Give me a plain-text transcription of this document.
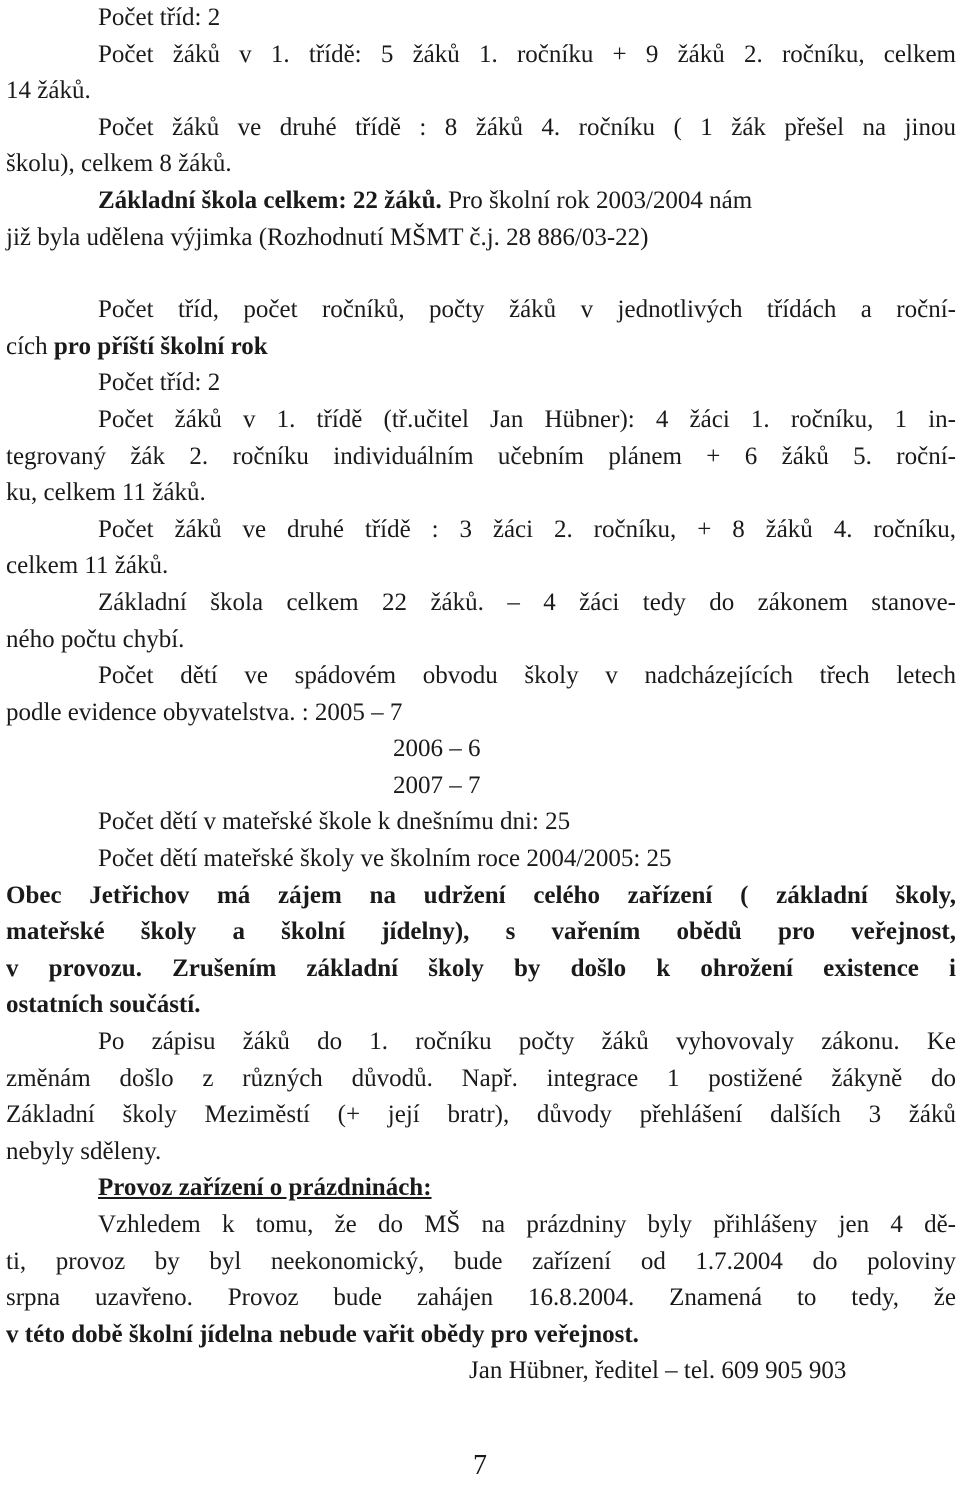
Počet tříd: 2
Počet žáků v 1. třídě: 5 žáků 1. ročníku + 9 žáků 2. ročníku, celkem
14 žáků.
Počet žáků ve druhé třídě : 8 žáků 4. ročníku ( 1 žák přešel na jinou
školu), celkem 8 žáků.
Základní škola celkem: 22 žáků. Pro školní rok 2003/2004 nám
již byla udělena výjimka (Rozhodnutí MŠMT č.j. 28 886/03-22)
Počet tříd, počet ročníků, počty žáků v jednotlivých třídách a roční-
cích pro příští školní rok
Počet tříd: 2
Počet žáků v 1. třídě (tř.učitel Jan Hübner): 4 žáci 1. ročníku, 1 in-
tegrovaný žák 2. ročníku individuálním učebním plánem + 6 žáků 5. roční-
ku, celkem 11 žáků.
Počet žáků ve druhé třídě : 3 žáci 2. ročníku, + 8 žáků 4. ročníku,
celkem 11 žáků.
Základní škola celkem 22 žáků. – 4 žáci tedy do zákonem stanove-
ného počtu chybí.
Počet dětí ve spádovém obvodu školy v nadcházejících třech letech
podle evidence obyvatelstva. : 2005 – 7
2006 – 6
2007 – 7
Počet dětí v mateřské škole k dnešnímu dni: 25
Počet dětí mateřské školy ve školním roce 2004/2005: 25
Obec Jetřichov má zájem na udržení celého zařízení ( základní školy,
mateřské školy a školní jídelny), s vařením obědů pro veřejnost,
v provozu. Zrušením základní školy by došlo k ohrožení existence i
ostatních součástí.
Po zápisu žáků do 1. ročníku počty žáků vyhovovaly zákonu. Ke
změnám došlo z různých důvodů. Např. integrace 1 postižené žákyně do
Základní školy Meziměstí (+ její bratr), důvody přehlášení dalších 3 žáků
nebyly sděleny.
Provoz zařízení o prázdninách:
Vzhledem k tomu, že do MŠ na prázdniny byly přihlášeny jen 4 dě-
ti, provoz by byl neekonomický, bude zařízení od 1.7.2004 do poloviny
srpna uzavřeno. Provoz bude zahájen 16.8.2004. Znamená to tedy, že
v této době školní jídelna nebude vařit obědy pro veřejnost.
Jan Hübner, ředitel – tel. 609 905 903
7
